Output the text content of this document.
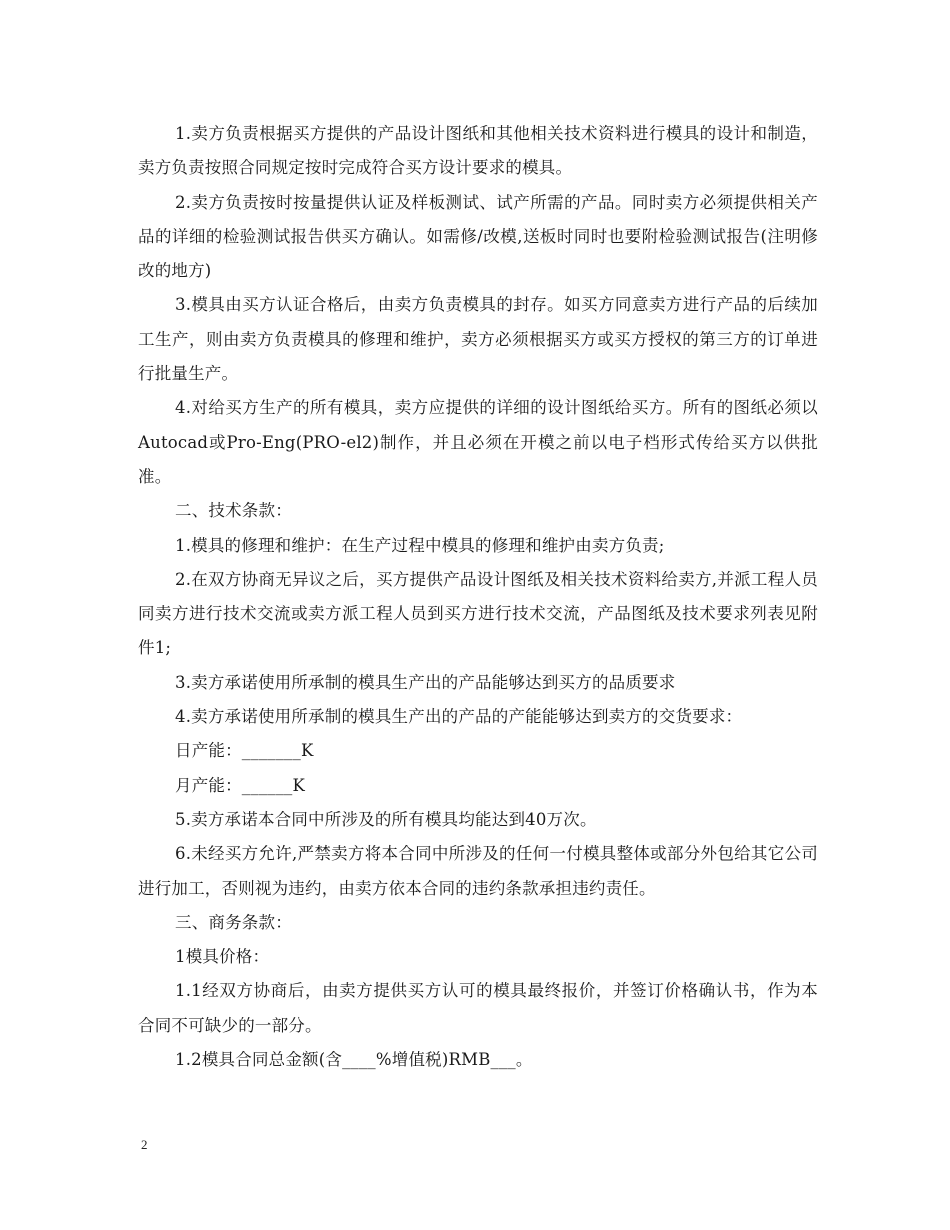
1.卖方负责根据买方提供的产品设计图纸和其他相关技术资料进行模具的设计和制造，卖方负责按照合同规定按时完成符合买方设计要求的模具。

2.卖方负责按时按量提供认证及样板测试、试产所需的产品。同时卖方必须提供相关产品的详细的检验测试报告供买方确认。如需修/改模,送板时同时也要附检验测试报告(注明修改的地方)

3.模具由买方认证合格后，由卖方负责模具的封存。如买方同意卖方进行产品的后续加工生产，则由卖方负责模具的修理和维护，卖方必须根据买方或买方授权的第三方的订单进行批量生产。

4.对给买方生产的所有模具，卖方应提供的详细的设计图纸给买方。所有的图纸必须以Autocad或Pro-Eng(PRO-el2)制作，并且必须在开模之前以电子档形式传给买方以供批准。

二、技术条款：

1.模具的修理和维护：在生产过程中模具的修理和维护由卖方负责;

2.在双方协商无异议之后，买方提供产品设计图纸及相关技术资料给卖方,并派工程人员同卖方进行技术交流或卖方派工程人员到买方进行技术交流，产品图纸及技术要求列表见附件1;

3.卖方承诺使用所承制的模具生产出的产品能够达到买方的品质要求

4.卖方承诺使用所承制的模具生产出的产品的产能能够达到卖方的交货要求：

日产能：_______K

月产能：______K

5.卖方承诺本合同中所涉及的所有模具均能达到40万次。

6.未经买方允许,严禁卖方将本合同中所涉及的任何一付模具整体或部分外包给其它公司进行加工，否则视为违约，由卖方依本合同的违约条款承担违约责任。

三、商务条款：

1模具价格：

1.1经双方协商后，由卖方提供买方认可的模具最终报价，并签订价格确认书，作为本合同不可缺少的一部分。

1.2模具合同总金额(含____%增值税)RMB___。

2
